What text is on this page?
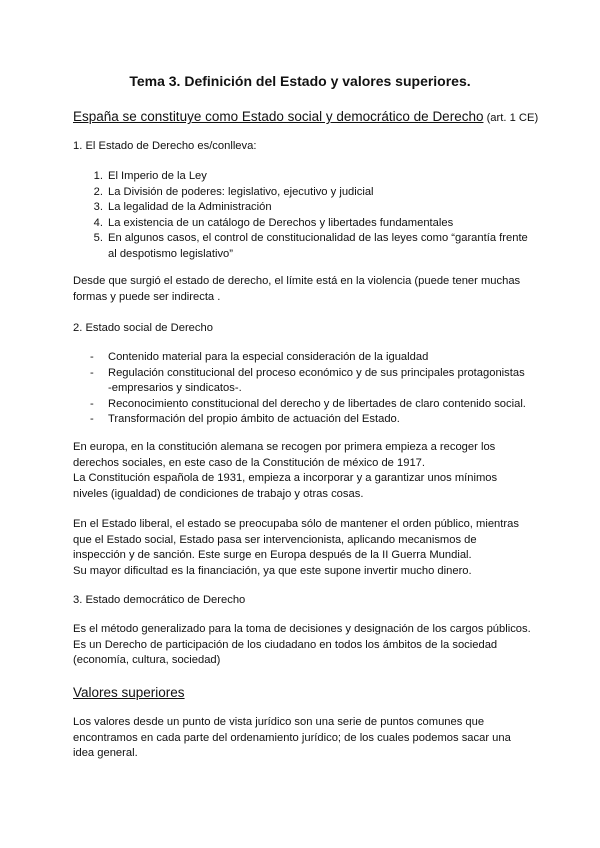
Tema 3. Definición del Estado y valores superiores.
España se constituye como Estado social y democrático de Derecho (art. 1 CE)
1. El Estado de Derecho es/conlleva:
1. El Imperio de la Ley
2. La División de poderes: legislativo, ejecutivo y judicial
3. La legalidad de la Administración
4. La existencia de un catálogo de Derechos y libertades fundamentales
5. En algunos casos, el control de constitucionalidad de las leyes como “garantía frente
al despotismo legislativo”
Desde que surgió el estado de derecho, el límite está en la violencia (puede tener muchas
formas y puede ser indirecta .
2. Estado social de Derecho
-	Contenido material para la especial consideración de la igualdad
-	Regulación constitucional del proceso económico y de sus principales protagonistas
-empresarios y sindicatos-.
-	Reconocimiento constitucional del derecho y de libertades de claro contenido social.
-	Transformación del propio ámbito de actuación del Estado.
En europa, en la constitución alemana se recogen por primera empieza a recoger los
derechos sociales, en este caso de la Constitución de méxico de 1917.
La Constitución española de 1931, empieza a incorporar y a garantizar unos mínimos
niveles (igualdad) de condiciones de trabajo y otras cosas.
En el Estado liberal, el estado se preocupaba sólo de mantener el orden público, mientras
que el Estado social, Estado pasa ser intervencionista, aplicando mecanismos de
inspección y de sanción. Este surge en Europa después de la II Guerra Mundial.
Su mayor dificultad es la financiación, ya que este supone invertir mucho dinero.
3. Estado democrático de Derecho
Es el método generalizado para la toma de decisiones y designación de los cargos públicos.
Es un Derecho de participación de los ciudadano en todos los ámbitos de la sociedad
(economía, cultura, sociedad)
Valores superiores
Los valores desde un punto de vista jurídico son una serie de puntos comunes que
encontramos en cada parte del ordenamiento jurídico; de los cuales podemos sacar una
idea general.
